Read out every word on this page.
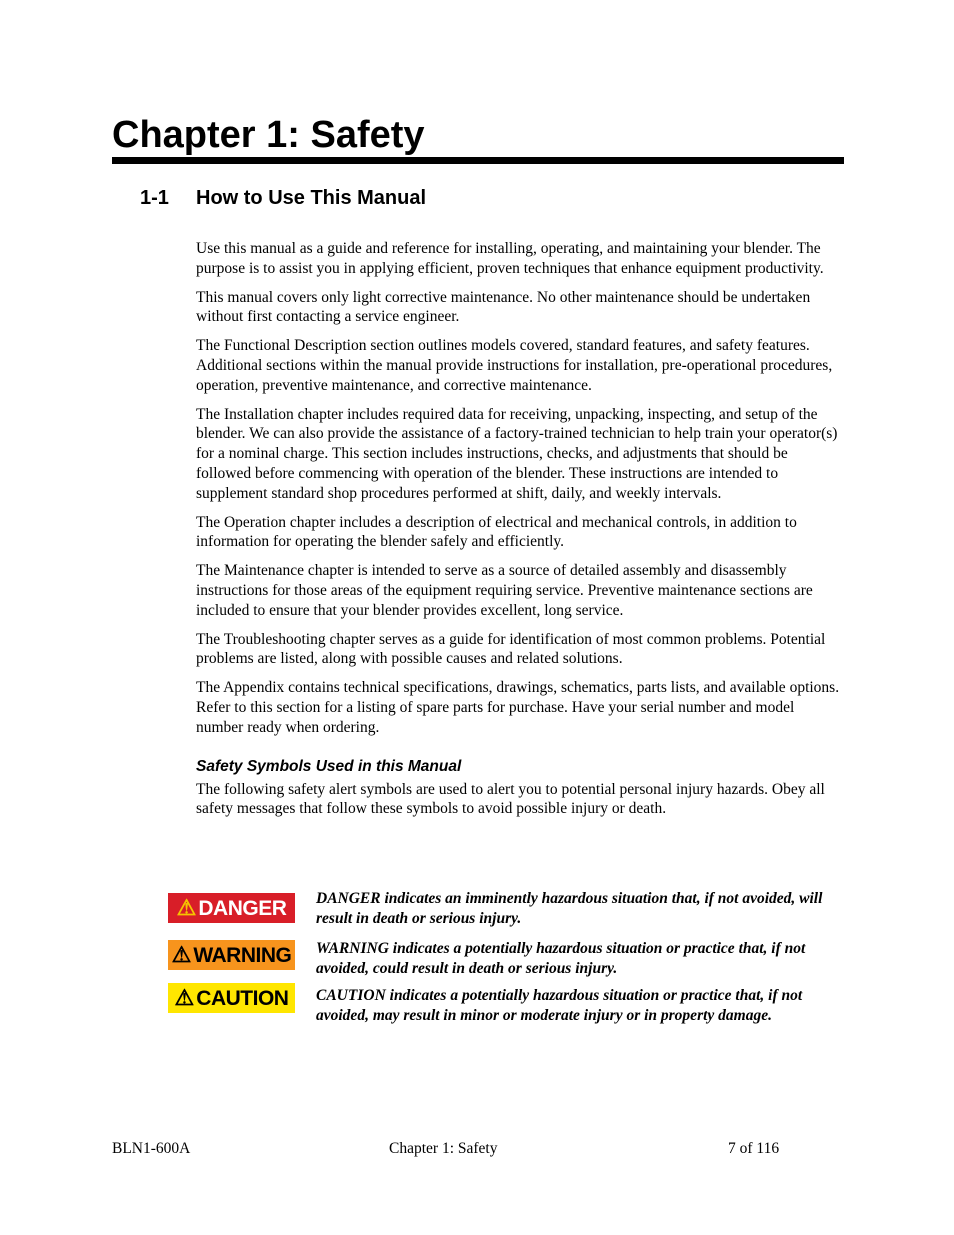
Chapter 1: Safety
1-1 How to Use This Manual

Use this manual as a guide and reference for installing, operating, and maintaining your blender. The purpose is to assist you in applying efficient, proven techniques that enhance equipment productivity.

This manual covers only light corrective maintenance. No other maintenance should be undertaken without first contacting a service engineer.

The Functional Description section outlines models covered, standard features, and safety features. Additional sections within the manual provide instructions for installation, pre-operational procedures, operation, preventive maintenance, and corrective maintenance.

The Installation chapter includes required data for receiving, unpacking, inspecting, and setup of the blender. We can also provide the assistance of a factory-trained technician to help train your operator(s) for a nominal charge. This section includes instructions, checks, and adjustments that should be followed before commencing with operation of the blender. These instructions are intended to supplement standard shop procedures performed at shift, daily, and weekly intervals.

The Operation chapter includes a description of electrical and mechanical controls, in addition to information for operating the blender safely and efficiently.

The Maintenance chapter is intended to serve as a source of detailed assembly and disassembly instructions for those areas of the equipment requiring service. Preventive maintenance sections are included to ensure that your blender provides excellent, long service.

The Troubleshooting chapter serves as a guide for identification of most common problems. Potential problems are listed, along with possible causes and related solutions.

The Appendix contains technical specifications, drawings, schematics, parts lists, and available options. Refer to this section for a listing of spare parts for purchase. Have your serial number and model number ready when ordering.

Safety Symbols Used in this Manual

The following safety alert symbols are used to alert you to potential personal injury hazards. Obey all safety messages that follow these symbols to avoid possible injury or death.

⚠ DANGER DANGER indicates an imminently hazardous situation that, if not avoided, will result in death or serious injury.
⚠ WARNING WARNING indicates a potentially hazardous situation or practice that, if not avoided, could result in death or serious injury.
⚠ CAUTION CAUTION indicates a potentially hazardous situation or practice that, if not avoided, may result in minor or moderate injury or in property damage.
BLN1-600A	Chapter 1: Safety	7 of 116
